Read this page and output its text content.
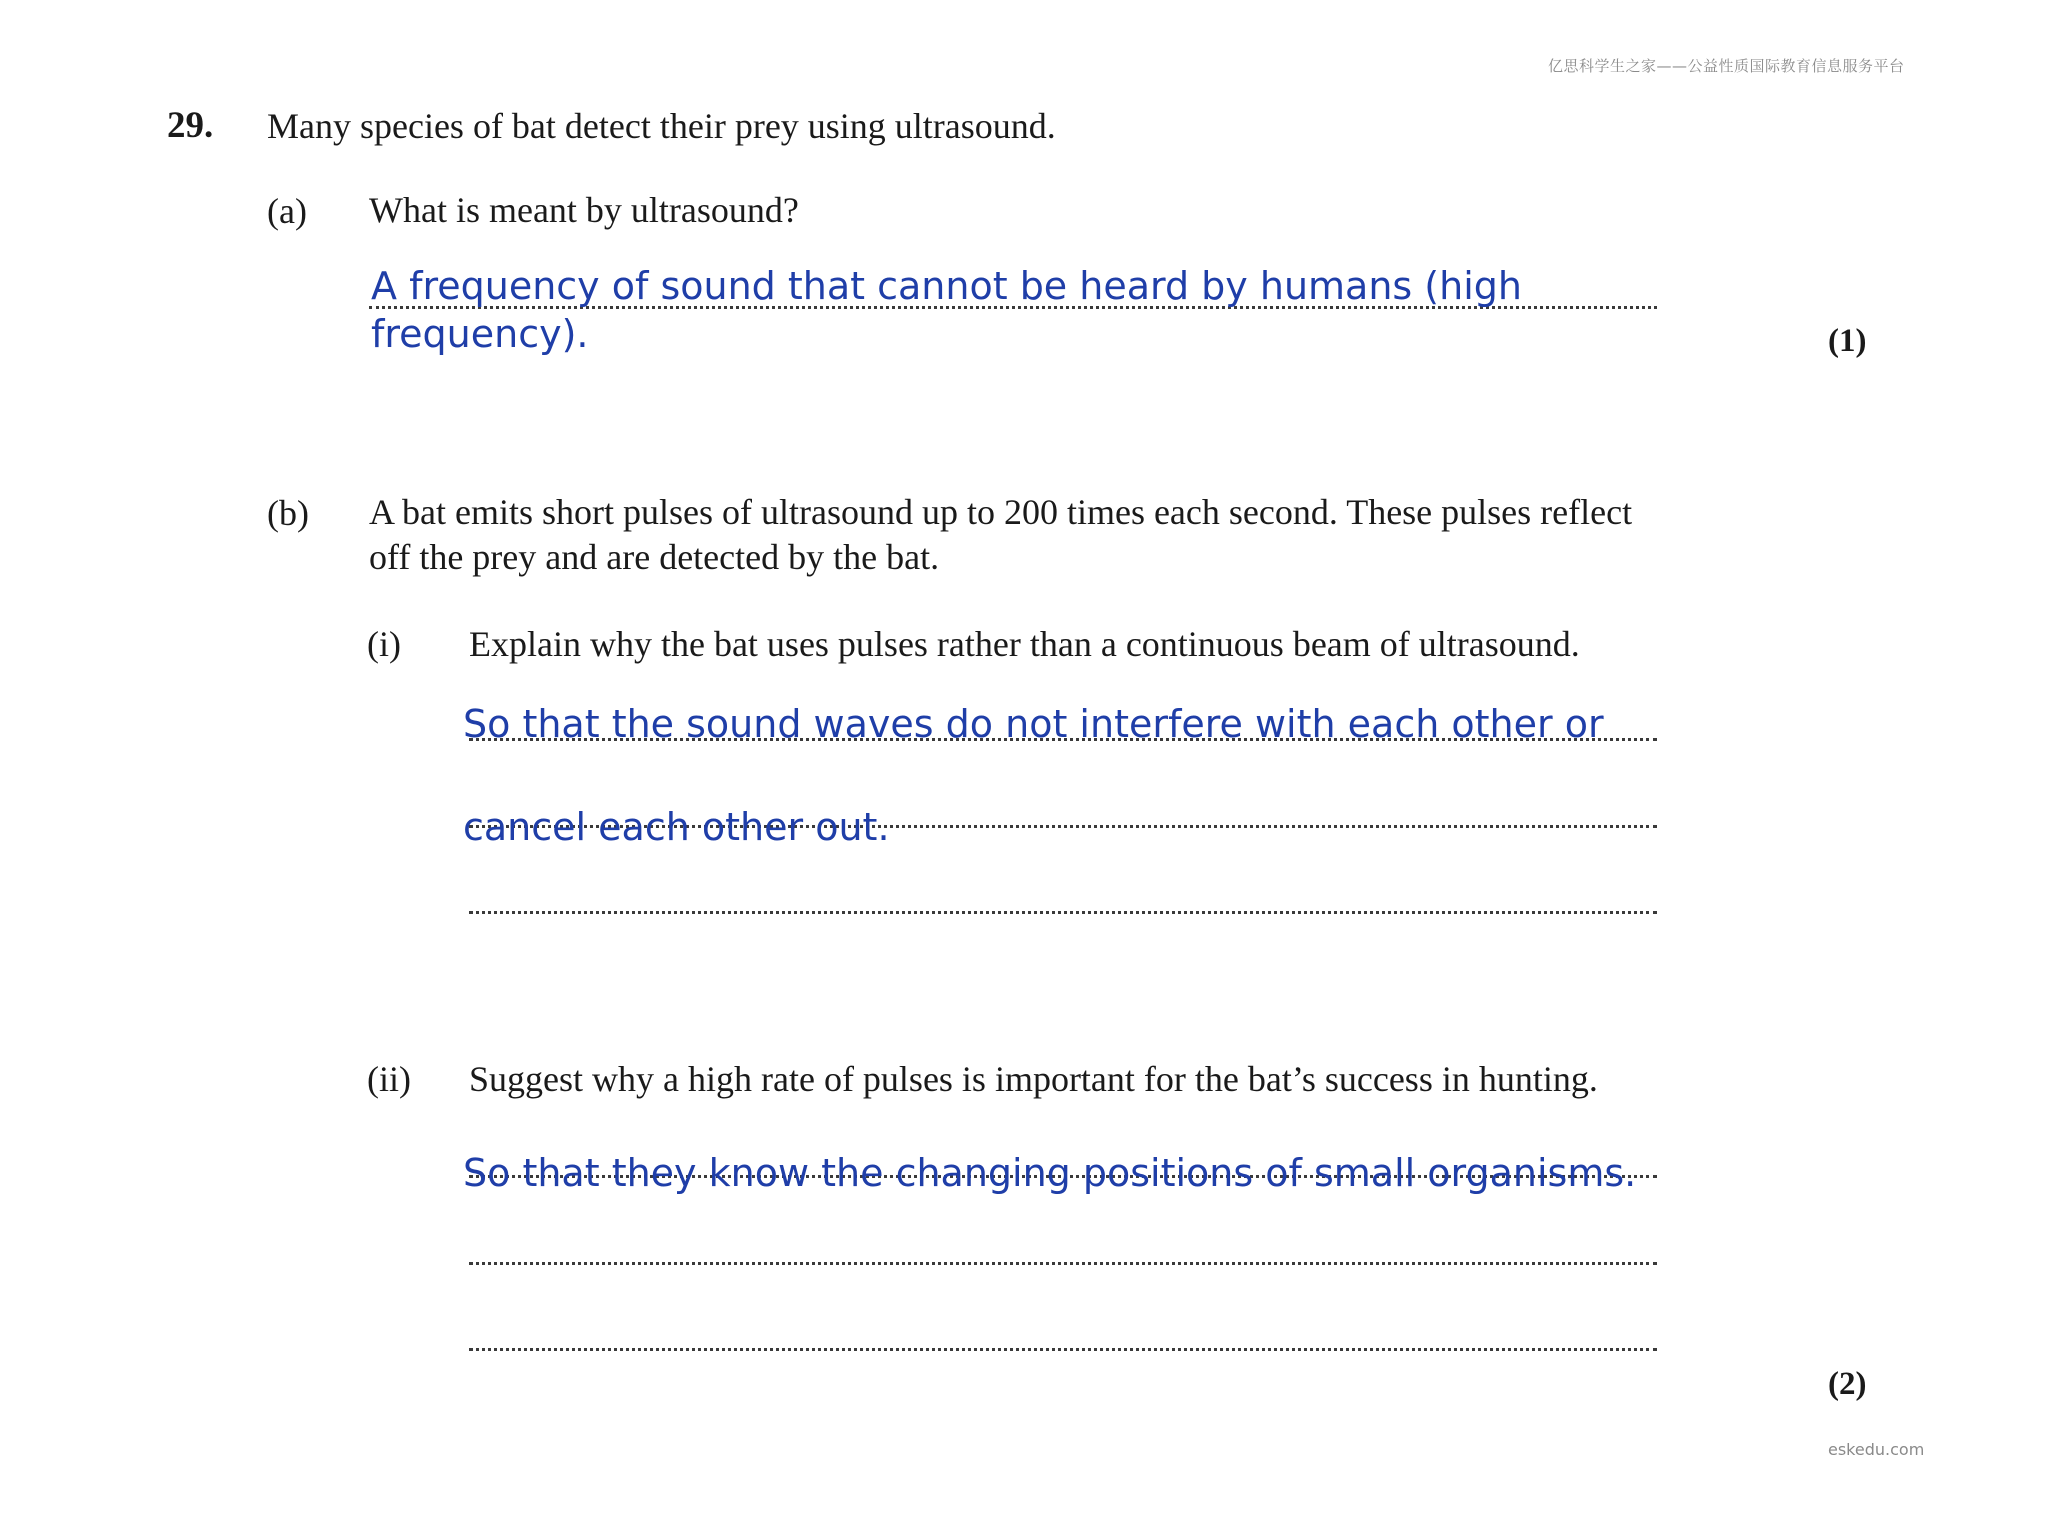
亿思科学生之家——公益性质国际教育信息服务平台
29. Many species of bat detect their prey using ultrasound.
(a) What is meant by ultrasound?
A frequency of sound that cannot be heard by humans (high frequency).	(1)
(b) A bat emits short pulses of ultrasound up to 200 times each second. These pulses reflect
off the prey and are detected by the bat.
(i) Explain why the bat uses pulses rather than a continuous beam of ultrasound.
So that the sound waves do not interfere with each other or
cancel each other out.
(ii) Suggest why a high rate of pulses is important for the bat’s success in hunting.
So that they know the changing positions of small organisms.
(2)
eskedu.com
